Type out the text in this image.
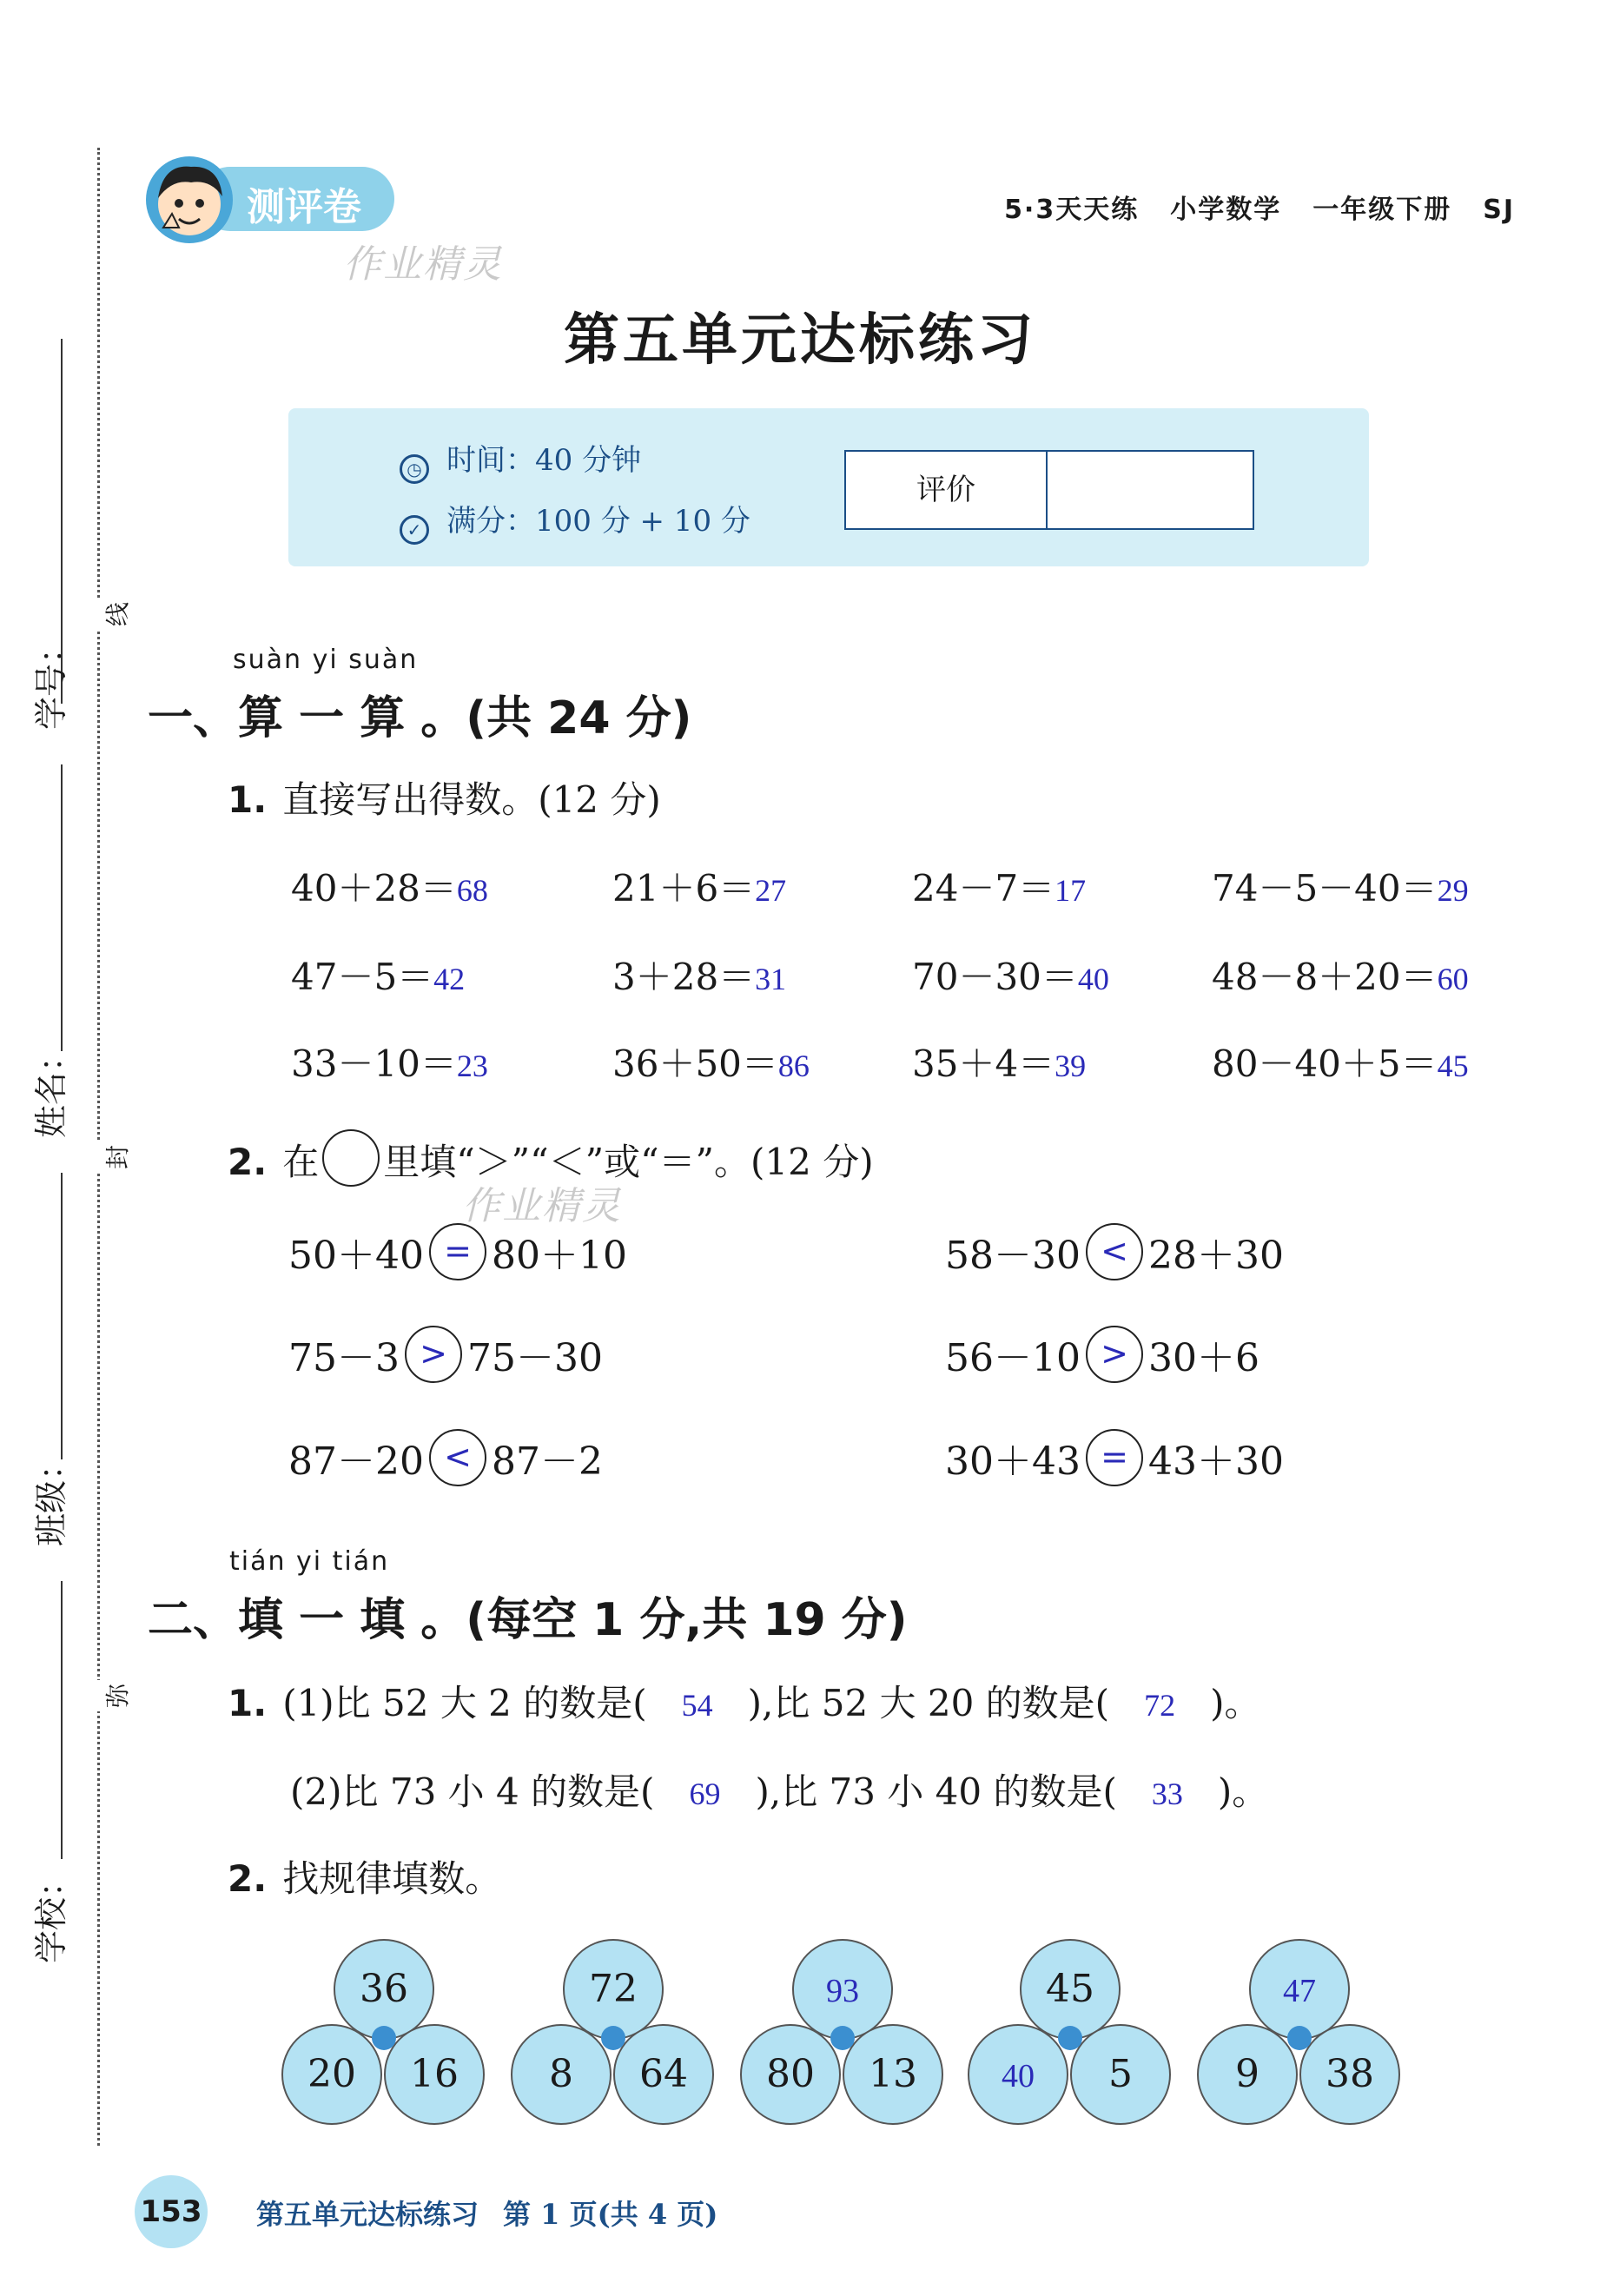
学号：
姓名：
班级：
学校：
线
封
弥
测评卷
作业精灵
5·3天天练 小学数学 一年级下册 SJ
第五单元达标练习
◷ 时间：40 分钟
✓ 满分：100 分 + 10 分
评价
suàn yi suàn
一、算 一 算 。(共 24 分)
1. 直接写出得数。(12 分)
40＋28＝68	21＋6＝27	24－7＝17	74－5－40＝29
47－5＝42	3＋28＝31	70－30＝40	48－8＋20＝60
33－10＝23	36＋50＝86	35＋4＝39	80－40＋5＝45
2. 在 里填“＞”“＜”或“＝”。(12 分)
作业精灵
50＋40 = 80＋10	58－30 < 28＋30
75－3 > 75－30	56－10 > 30＋6
87－20 < 87－2	30＋43 = 43＋30
tián yi tián
二、填 一 填 。(每空 1 分,共 19 分)
1. (1)比 52 大 2 的数是( 54 ),比 52 大 20 的数是( 72 )。
(2)比 73 小 4 的数是( 69 ),比 73 小 40 的数是( 33 )。
2. 找规律填数。
36
20	16
72
8	64
93
80	13
45
40	5
47
9	38
153 第五单元达标练习 第 1 页(共 4 页)
